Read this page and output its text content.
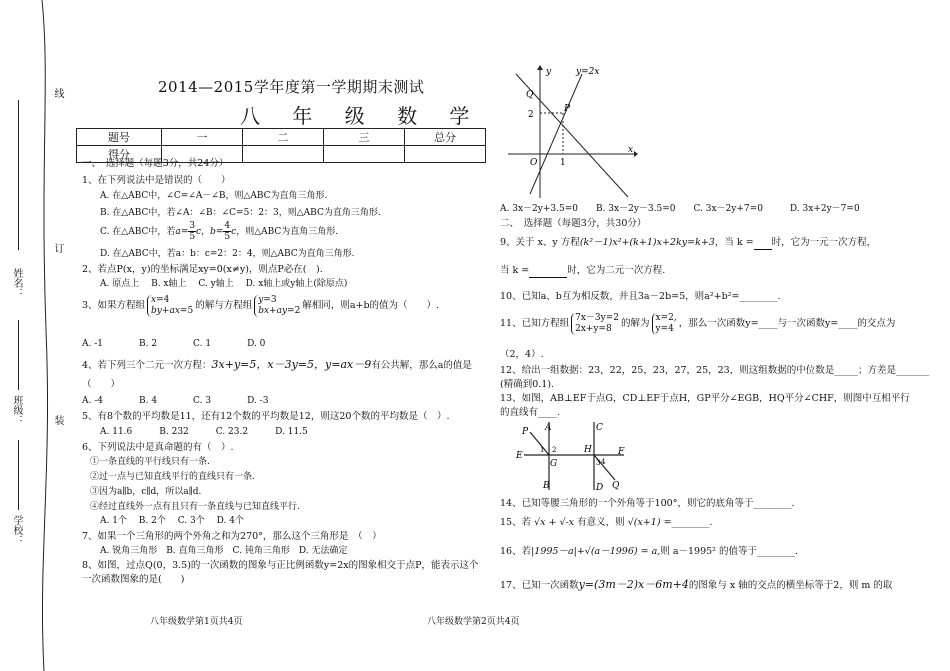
线
订
装
姓名：
班级：
学校：
2014—2015学年度第一学期期末测试
八 年 级 数 学
题号	一	二	三	总分
得分				
一、　选择题（每题3分，共24分）
1、在下列说法中是错误的（　　）
A. 在△ABC中，∠C=∠A－∠B，则△ABC为直角三角形.
B. 在△ABC中，若∠A：∠B：∠C=5：2：3，则△ABC为直角三角形.
C. 在△ABC中，若$a= \frac{3}{5}$ c，$b= \frac{4}{5}$ c，则△ABC为直角三角形.
D. 在△ABC中，若a：b：c=2：2：4，则△ABC为直角三角形.
2、若点P(x，y)的坐标满足xy=0(x≠y)，则点P必在(　).
A. 原点上　 B. x轴上　 C. y轴上　 D. x轴上或y轴上(除原点)
3、如果方程组 x=4
by+ax=5 的解与方程组 y=3
bx+ay=2 解相同，则a+b的值为（　　）.
A. -1　　　　B. 2　　　　C. 1　　　　D. 0
4、若下列三个二元一次方程：3x+y=5，x－3y=5，y=ax－9有公共解，那么a的值是
（　　）
A. -4　　　　B. 4　　　　C. 3　　　　D. -3
5、有8个数的平均数是11，还有12个数的平均数是12，则这20个数的平均数是（　）.
A. 11.6　　　B. 232　　　C. 23.2　　　D. 11.5
6、下列说法中是真命题的有（　）.
①一条直线的平行线只有一条.
②过一点与已知直线平行的直线只有一条.
③因为a∥b，c∥d，所以a∥d.
④经过直线外一点有且只有一条直线与已知直线平行.
A. 1个　 B. 2个　 C. 3个　 D. 4个
7、如果一个三角形的两个外角之和为270°，那么这个三角形是　（　）
A. 锐角三角形　B. 直角三角形　C. 钝角三角形　D. 无法确定
8、如图，过点Q(0，3.5)的一次函数的图象与正比例函数y=2x的图象相交于点P，能表示这个
一次函数图象的是(　　)
y
x
y=2x
Q
P
2
O	1
A. 3x－2y+3.5=0　　B. 3x－2y－3.5=0　　C. 3x－2y+7=0　　　D. 3x+2y－7=0
二、　选择题（每题3分，共30分）
9、关于 x、y 方程(k²－1)x²+(k+1)x+2ky=k+3，当 k = 时，它为一元一次方程，
当 k =	时，它为二元一次方程.
10、已知a、b互为相反数，并且3a－2b=5，则a²+b²=________.
11、已知方程组 7x－3y=2
2x+y=8 的解为 x=2,
y=4 ，那么一次函数y=____与一次函数y=____的交点为
（2，4）.
12、给出一组数据：23，22，25，23，27，25，23，则这组数据的中位数是_____；方差是_______
(精确到0.1).
13、如图，AB⊥EF于点G，CD⊥EF于点H，GP平分∠EGB，HQ平分∠CHF，则图中互相平行
的直线有____.
P A	C
E	F
G
H
B	D Q
1 2
3 4
14、已知等腰三角形的一个外角等于100°，则它的底角等于________.
15、若 √x + √-x 有意义，则 √(x+1) =________.
16、若|1995－a|+√(a－1996) = a,则 a－1995² 的值等于________.
17、已知一次函数y=(3m－2)x－6m+4的图象与 x 轴的交点的横坐标等于2，则 m 的取
八年级数学第1页共4页	八年级数学第2页共4页
